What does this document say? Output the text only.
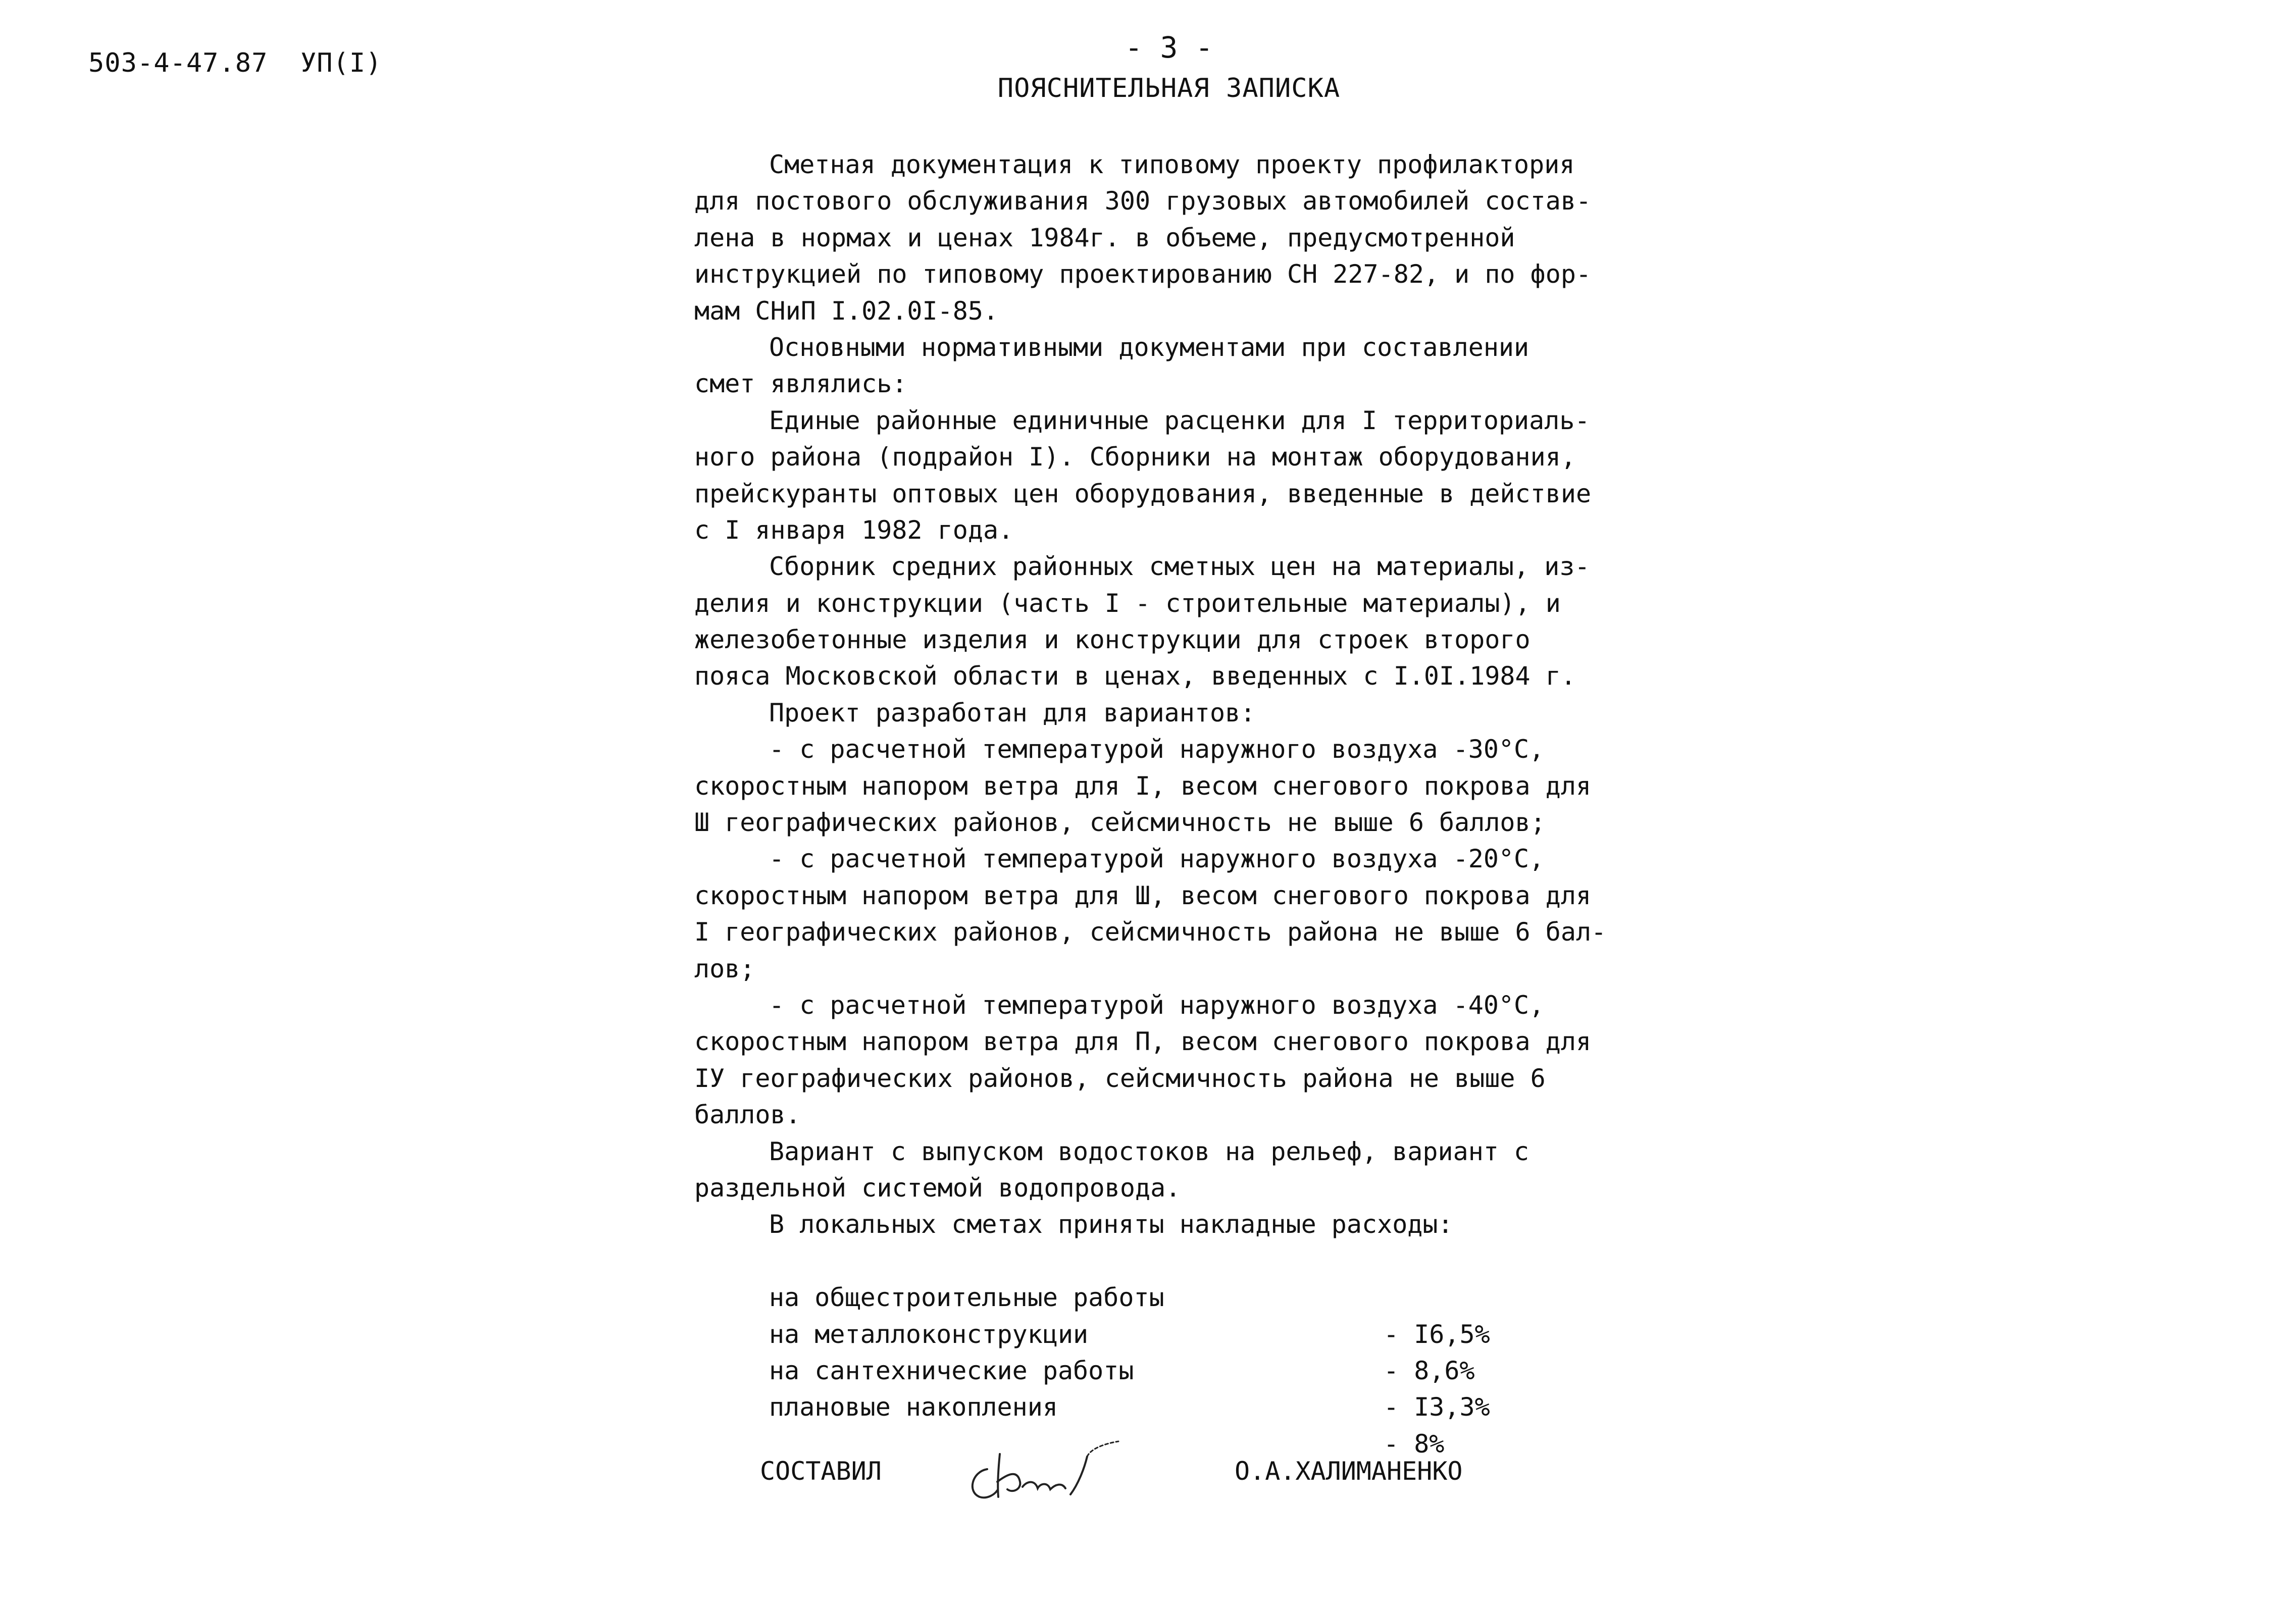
503-4-47.87  УП(I)	- 3 -
ПОЯСНИТЕЛЬНАЯ ЗАПИСКА
Сметная документация к типовому проекту профилактория
для постового обслуживания 300 грузовых автомобилей состав-
лена в нормах и ценах 1984г. в объеме, предусмотренной
инструкцией по типовому проектированию СН 227-82, и по фор-
мам СНиП I.02.0I-85.
Основными нормативными документами при составлении
смет являлись:
Единые районные единичные расценки для I территориаль-
ного района (подрайон I). Сборники на монтаж оборудования,
прейскуранты оптовых цен оборудования, введенные в действие
с I января 1982 года.
Сборник средних районных сметных цен на материалы, из-
делия и конструкции (часть I - строительные материалы), и
железобетонные изделия и конструкции для строек второго
пояса Московской области в ценах, введенных с I.0I.1984 г.
Проект разработан для вариантов:
- с расчетной температурой наружного воздуха -30°С,
скоростным напором ветра для I, весом снегового покрова для
Ш географических районов, сейсмичность не выше 6 баллов;
- с расчетной температурой наружного воздуха -20°С,
скоростным напором ветра для Ш, весом снегового покрова для
I географических районов, сейсмичность района не выше 6 бал-
лов;
- с расчетной температурой наружного воздуха -40°С,
скоростным напором ветра для П, весом снегового покрова для
IУ географических районов, сейсмичность района не выше 6
баллов.
Вариант с выпуском водостоков на рельеф, вариант с
раздельной системой водопровода.
В локальных сметах приняты накладные расходы:

на общестроительные работы

- I6,5%

на металлоконструкции

- 8,6%

на сантехнические работы

- I3,3%

плановые накопления

- 8%

СОСТАВИЛ	О.А.ХАЛИМАНЕНКО
